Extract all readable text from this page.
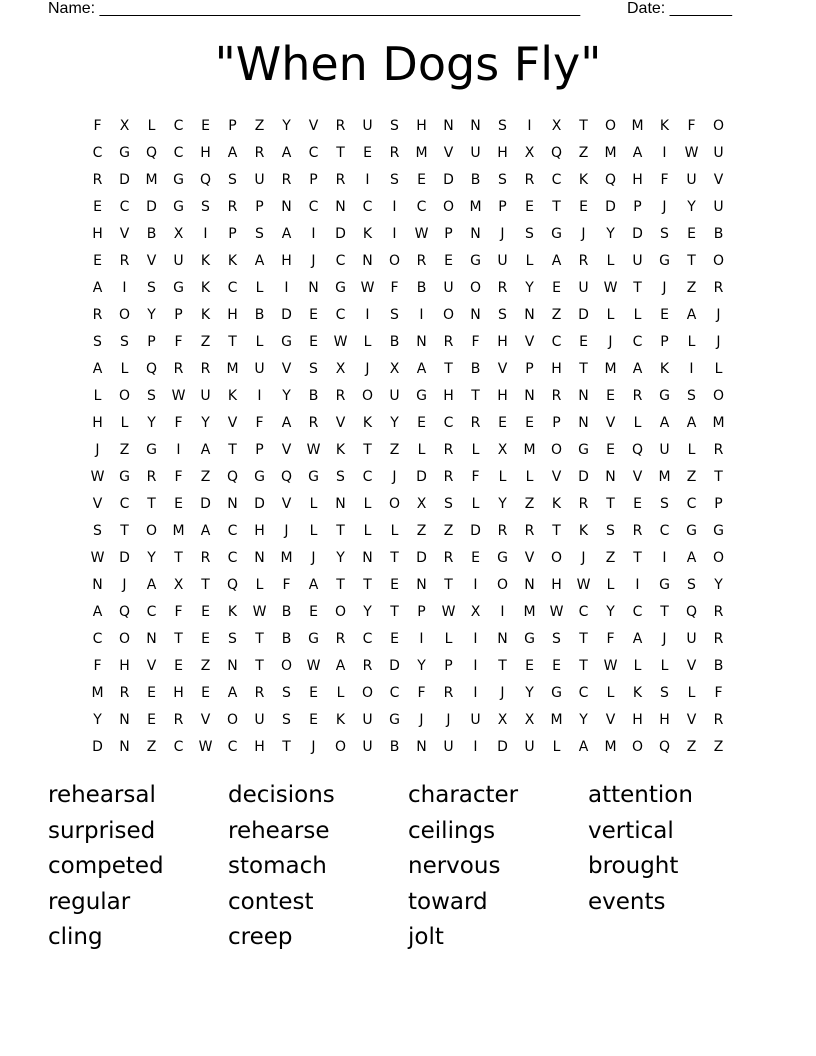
Name: ______________________________________________________	Date: _______
"When Dogs Fly"
F	X	L	C	E	P	Z	Y	V	R	U	S	H	N	N	S	I	X	T	O	M	K	F	O
C	G	Q	C	H	A	R	A	C	T	E	R	M	V	U	H	X	Q	Z	M	A	I	W	U
R	D	M	G	Q	S	U	R	P	R	I	S	E	D	B	S	R	C	K	Q	H	F	U	V
E	C	D	G	S	R	P	N	C	N	C	I	C	O	M	P	E	T	E	D	P	J	Y	U
H	V	B	X	I	P	S	A	I	D	K	I	W	P	N	J	S	G	J	Y	D	S	E	B
E	R	V	U	K	K	A	H	J	C	N	O	R	E	G	U	L	A	R	L	U	G	T	O
A	I	S	G	K	C	L	I	N	G	W	F	B	U	O	R	Y	E	U	W	T	J	Z	R
R	O	Y	P	K	H	B	D	E	C	I	S	I	O	N	S	N	Z	D	L	L	E	A	J
S	S	P	F	Z	T	L	G	E	W	L	B	N	R	F	H	V	C	E	J	C	P	L	J
A	L	Q	R	R	M	U	V	S	X	J	X	A	T	B	V	P	H	T	M	A	K	I	L
L	O	S	W	U	K	I	Y	B	R	O	U	G	H	T	H	N	R	N	E	R	G	S	O
H	L	Y	F	Y	V	F	A	R	V	K	Y	E	C	R	E	E	P	N	V	L	A	A	M
J	Z	G	I	A	T	P	V	W	K	T	Z	L	R	L	X	M	O	G	E	Q	U	L	R
W	G	R	F	Z	Q	G	Q	G	S	C	J	D	R	F	L	L	V	D	N	V	M	Z	T
V	C	T	E	D	N	D	V	L	N	L	O	X	S	L	Y	Z	K	R	T	E	S	C	P
S	T	O	M	A	C	H	J	L	T	L	L	Z	Z	D	R	R	T	K	S	R	C	G	G
W	D	Y	T	R	C	N	M	J	Y	N	T	D	R	E	G	V	O	J	Z	T	I	A	O
N	J	A	X	T	Q	L	F	A	T	T	E	N	T	I	O	N	H	W	L	I	G	S	Y
A	Q	C	F	E	K	W	B	E	O	Y	T	P	W	X	I	M	W	C	Y	C	T	Q	R
C	O	N	T	E	S	T	B	G	R	C	E	I	L	I	N	G	S	T	F	A	J	U	R
F	H	V	E	Z	N	T	O	W	A	R	D	Y	P	I	T	E	E	T	W	L	L	V	B
M	R	E	H	E	A	R	S	E	L	O	C	F	R	I	J	Y	G	C	L	K	S	L	F
Y	N	E	R	V	O	U	S	E	K	U	G	J	J	U	X	X	M	Y	V	H	H	V	R
D	N	Z	C	W	C	H	T	J	O	U	B	N	U	I	D	U	L	A	M	O	Q	Z	Z
rehearsal	decisions	character	attention
surprised	rehearse	ceilings	vertical
competed	stomach	nervous	brought
regular	contest	toward	events
cling	creep	jolt
